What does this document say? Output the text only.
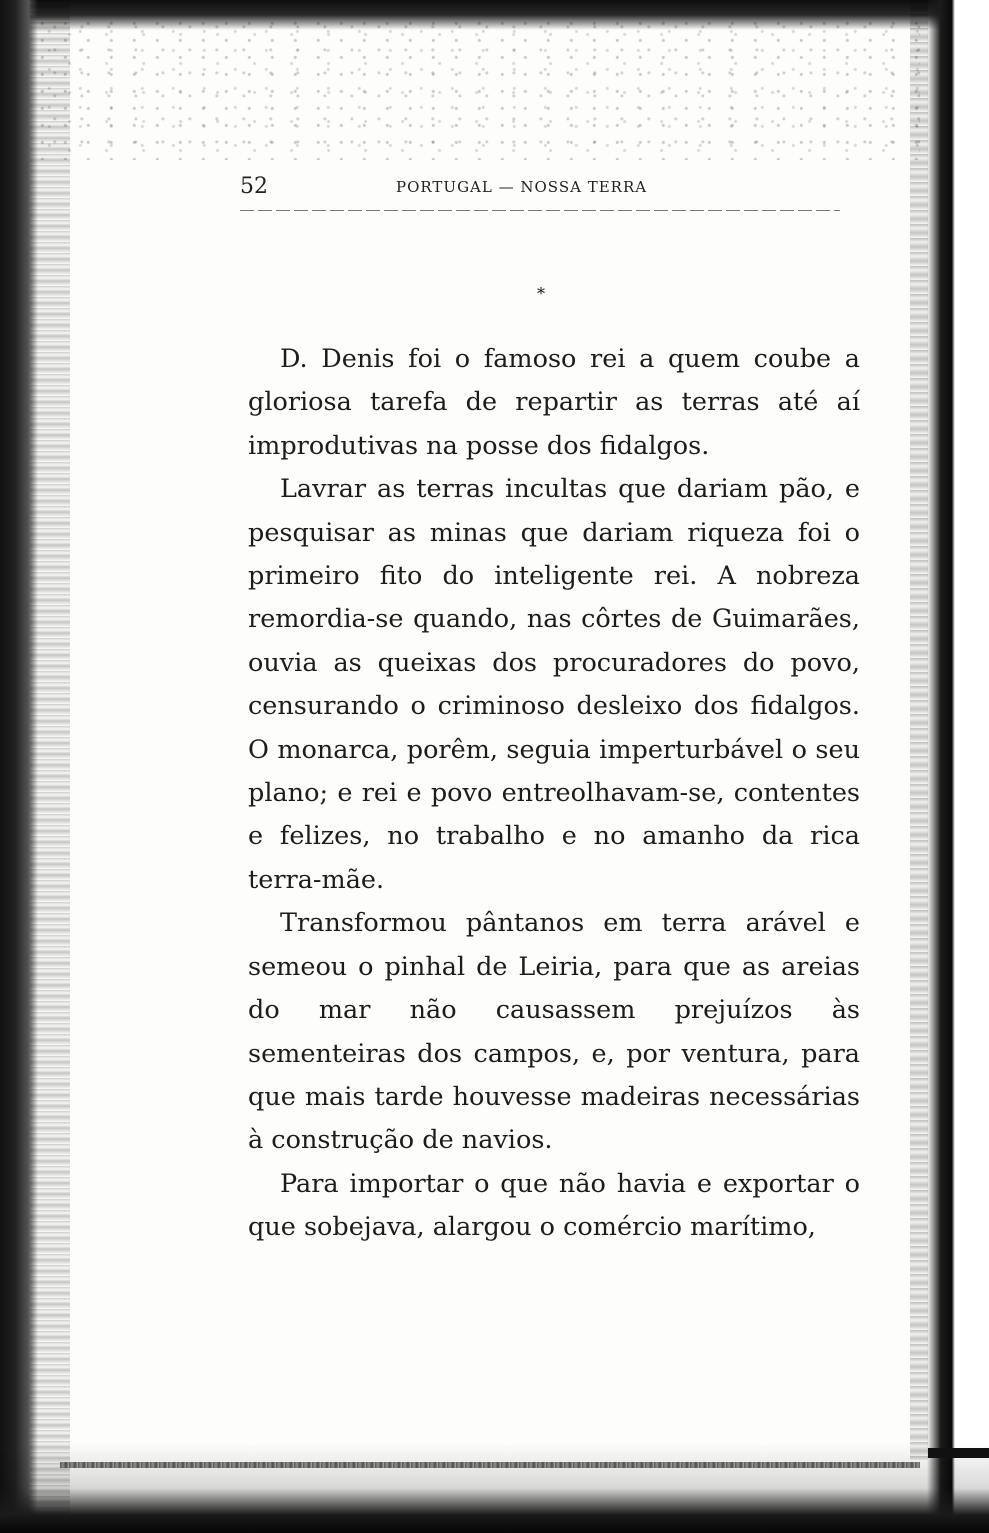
52	PORTUGAL — NOSSA TERRA
*

D. Denis foi o famoso rei a quem coube a gloriosa tarefa de repartir as terras até aí improdutivas na posse dos fidalgos.

Lavrar as terras incultas que dariam pão, e pesquisar as minas que dariam riqueza foi o primeiro fito do inteligente rei. A nobreza remordia-se quando, nas côrtes de Guimarães, ouvia as queixas dos procuradores do povo, censurando o criminoso desleixo dos fidalgos. O monarca, porêm, seguia imperturbável o seu plano; e rei e povo entreolhavam-se, contentes e felizes, no trabalho e no amanho da rica terra-mãe.

Transformou pântanos em terra arável e semeou o pinhal de Leiria, para que as areias do mar não causassem prejuízos às sementeiras dos campos, e, por ventura, para que mais tarde houvesse madeiras necessárias à construção de navios.

Para importar o que não havia e exportar o que sobejava, alargou o comércio marítimo,
